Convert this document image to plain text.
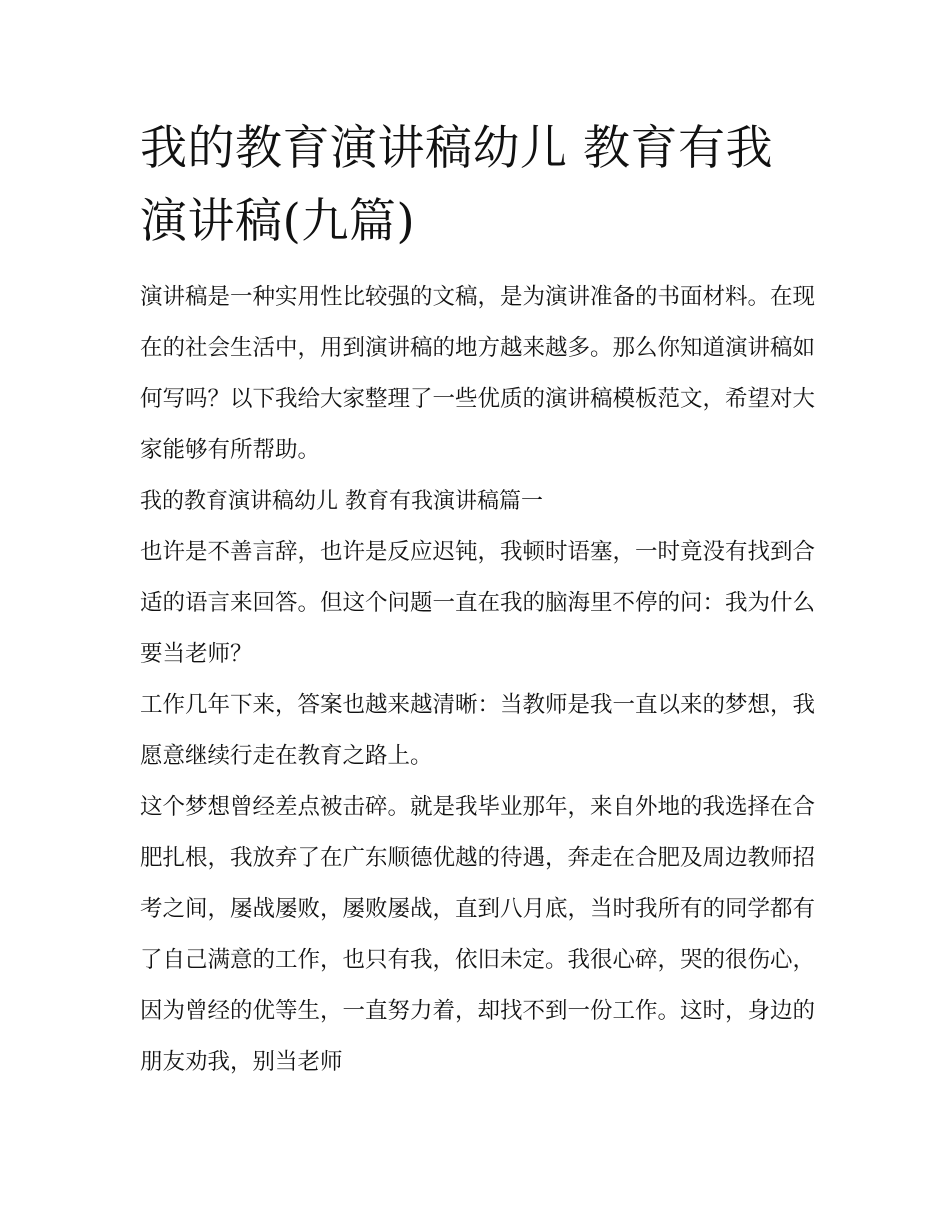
我的教育演讲稿幼儿 教育有我演讲稿(九篇)

演讲稿是一种实用性比较强的文稿，是为演讲准备的书面材料。在现在的社会生活中，用到演讲稿的地方越来越多。那么你知道演讲稿如何写吗？以下我给大家整理了一些优质的演讲稿模板范文，希望对大家能够有所帮助。

我的教育演讲稿幼儿 教育有我演讲稿篇一

也许是不善言辞，也许是反应迟钝，我顿时语塞，一时竟没有找到合适的语言来回答。但这个问题一直在我的脑海里不停的问：我为什么要当老师？

工作几年下来，答案也越来越清晰：当教师是我一直以来的梦想，我愿意继续行走在教育之路上。

这个梦想曾经差点被击碎。就是我毕业那年，来自外地的我选择在合肥扎根，我放弃了在广东顺德优越的待遇，奔走在合肥及周边教师招考之间，屡战屡败，屡败屡战，直到八月底，当时我所有的同学都有了自己满意的工作，也只有我，依旧未定。我很心碎，哭的很伤心，因为曾经的优等生，一直努力着，却找不到一份工作。这时，身边的朋友劝我，别当老师
